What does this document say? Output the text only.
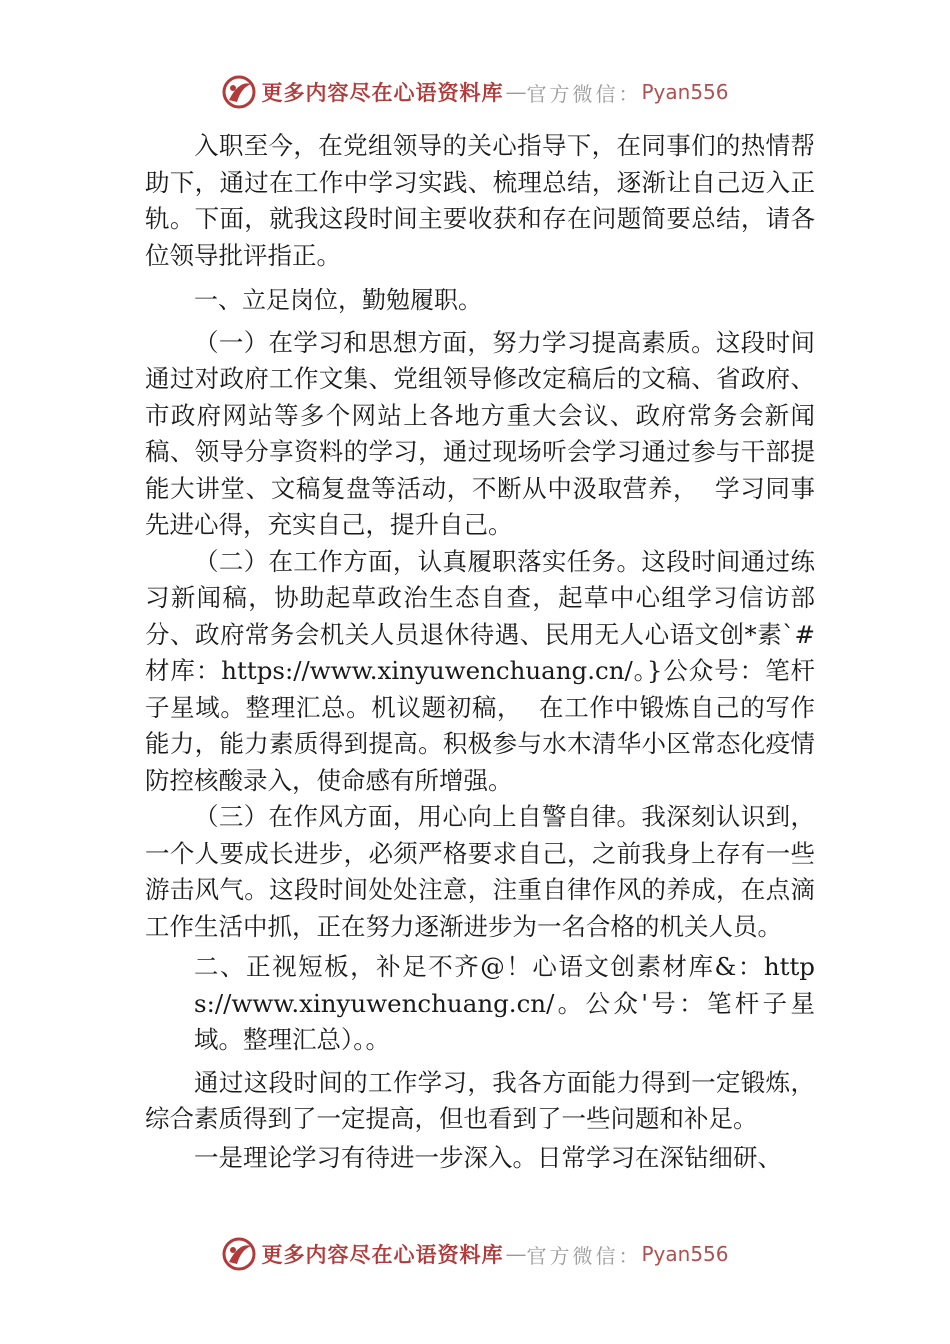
更多内容尽在心语资料库 — 官方微信： Pyan556

入职至今，在党组领导的关心指导下，在同事们的热情帮助下，通过在工作中学习实践、梳理总结，逐渐让自己迈入正轨。下面，就我这段时间主要收获和存在问题简要总结，请各位领导批评指正。

一、立足岗位，勤勉履职。

（一）在学习和思想方面，努力学习提高素质。这段时间通过对政府工作文集、党组领导修改定稿后的文稿、省政府、市政府网站等多个网站上各地方重大会议、政府常务会新闻稿、领导分享资料的学习，通过现场听会学习通过参与干部提能大讲堂、文稿复盘等活动，不断从中汲取营养，  学习同事先进心得，充实自己，提升自己。

（二）在工作方面，认真履职落实任务。这段时间通过练习新闻稿，协助起草政治生态自查，起草中心组学习信访部分、政府常务会机关人员退休待遇、民用无人心语文创*素`#材库：https://www.xinyuwenchuang.cn/。}公众号：笔杆子星域。整理汇总。机议题初稿，  在工作中锻炼自己的写作能力，能力素质得到提高。积极参与水木清华小区常态化疫情防控核酸录入，使命感有所增强。

（三）在作风方面，用心向上自警自律。我深刻认识到，一个人要成长进步，必须严格要求自己，之前我身上存有一些游击风气。这段时间处处注意，注重自律作风的养成，在点滴工作生活中抓，正在努力逐渐进步为一名合格的机关人员。

二、正视短板，补足不齐@！心语文创素材库&：https://www.xinyuwenchuang.cn/。公众'号：笔杆子星域。整理汇总）。。

通过这段时间的工作学习，我各方面能力得到一定锻炼，综合素质得到了一定提高，但也看到了一些问题和补足。

一是理论学习有待进一步深入。日常学习在深钻细研、

更多内容尽在心语资料库 — 官方微信： Pyan556
